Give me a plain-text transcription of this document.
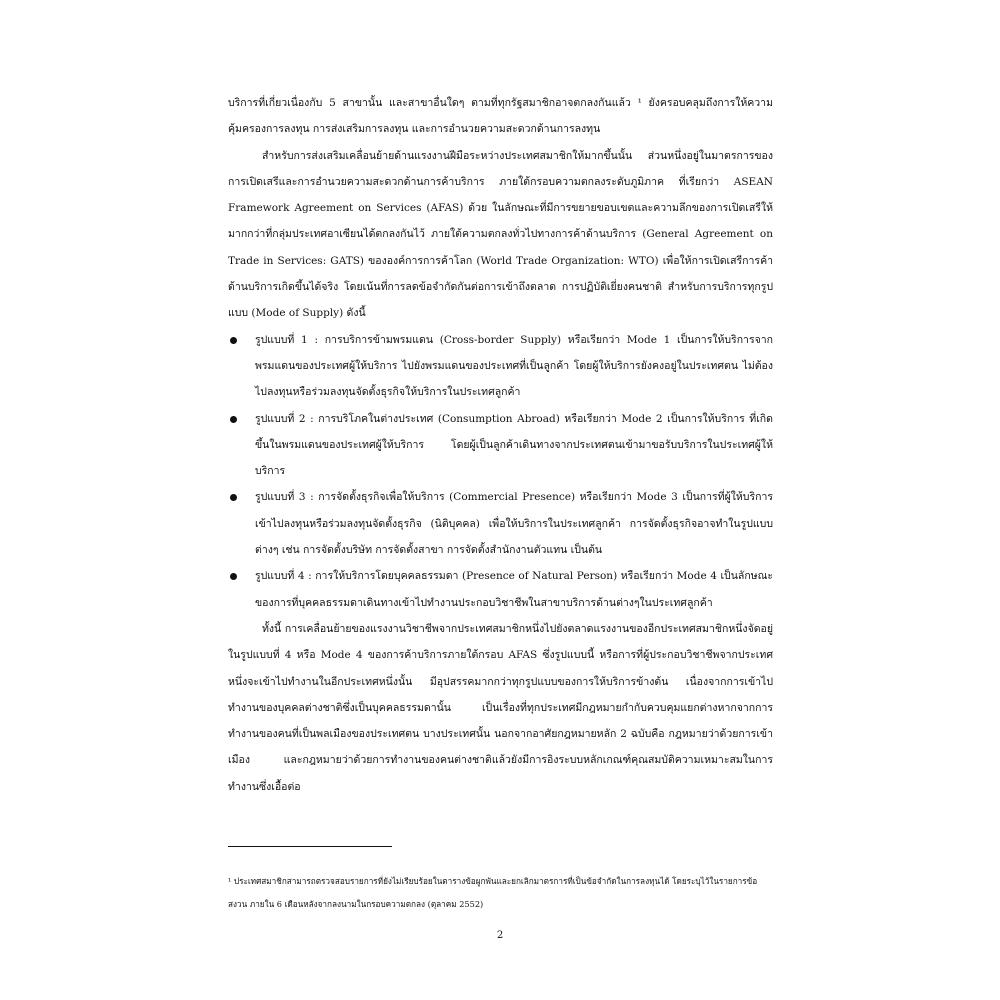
บริการที่เกี่ยวเนื่องกับ 5 สาขานั้น และสาขาอื่นใดๆ ตามที่ทุกรัฐสมาชิกอาจตกลงกันแล้ว ¹ ยังครอบคลุมถึงการให้ความคุ้มครองการลงทุน การส่งเสริมการลงทุน และการอำนวยความสะดวกด้านการลงทุน

สำหรับการส่งเสริมเคลื่อนย้ายด้านแรงงานฝีมือระหว่างประเทศสมาชิกให้มากขึ้นนั้น ส่วนหนึ่งอยู่ในมาตรการของการเปิดเสรีและการอำนวยความสะดวกด้านการค้าบริการ ภายใต้กรอบความตกลงระดับภูมิภาค ที่เรียกว่า ASEAN Framework Agreement on Services (AFAS) ด้วย ในลักษณะที่มีการขยายขอบเขตและความลึกของการเปิดเสรีให้มากกว่าที่กลุ่มประเทศอาเซียนได้ตกลงกันไว้ ภายใต้ความตกลงทั่วไปทางการค้าด้านบริการ (General Agreement on Trade in Services: GATS) ขององค์การการค้าโลก (World Trade Organization: WTO) เพื่อให้การเปิดเสรีการค้าด้านบริการเกิดขึ้นได้จริง โดยเน้นที่การลดข้อจำกัดกันต่อการเข้าถึงตลาด การปฏิบัติเยี่ยงคนชาติ สำหรับการบริการทุกรูปแบบ (Mode of Supply) ดังนี้

รูปแบบที่ 1 : การบริการข้ามพรมแดน (Cross-border Supply) หรือเรียกว่า Mode 1 เป็นการให้บริการจากพรมแดนของประเทศผู้ให้บริการ ไปยังพรมแดนของประเทศที่เป็นลูกค้า โดยผู้ให้บริการยังคงอยู่ในประเทศตน ไม่ต้องไปลงทุนหรือร่วมลงทุนจัดตั้งธุรกิจให้บริการในประเทศลูกค้า
รูปแบบที่ 2 : การบริโภคในต่างประเทศ (Consumption Abroad) หรือเรียกว่า Mode 2 เป็นการให้บริการ ที่เกิดขึ้นในพรมแดนของประเทศผู้ให้บริการ โดยผู้เป็นลูกค้าเดินทางจากประเทศตนเข้ามาขอรับบริการในประเทศผู้ให้บริการ
รูปแบบที่ 3 : การจัดตั้งธุรกิจเพื่อให้บริการ (Commercial Presence) หรือเรียกว่า Mode 3 เป็นการที่ผู้ให้บริการเข้าไปลงทุนหรือร่วมลงทุนจัดตั้งธุรกิจ (นิติบุคคล) เพื่อให้บริการในประเทศลูกค้า การจัดตั้งธุรกิจอาจทำในรูปแบบต่างๆ เช่น การจัดตั้งบริษัท การจัดตั้งสาขา การจัดตั้งสำนักงานตัวแทน เป็นต้น
รูปแบบที่ 4 : การให้บริการโดยบุคคลธรรมดา (Presence of Natural Person) หรือเรียกว่า Mode 4 เป็นลักษณะของการที่บุคคลธรรมดาเดินทางเข้าไปทำงานประกอบวิชาชีพในสาขาบริการด้านต่างๆในประเทศลูกค้า

ทั้งนี้ การเคลื่อนย้ายของแรงงานวิชาชีพจากประเทศสมาชิกหนึ่งไปยังตลาดแรงงานของอีกประเทศสมาชิกหนึ่งจัดอยู่ในรูปแบบที่ 4 หรือ Mode 4 ของการค้าบริการภายใต้กรอบ AFAS ซึ่งรูปแบบนี้ หรือการที่ผู้ประกอบวิชาชีพจากประเทศหนึ่งจะเข้าไปทำงานในอีกประเทศหนึ่งนั้น มีอุปสรรคมากกว่าทุกรูปแบบของการให้บริการข้างต้น เนื่องจากการเข้าไปทำงานของบุคคลต่างชาติซึ่งเป็นบุคคลธรรมดานั้น เป็นเรื่องที่ทุกประเทศมีกฎหมายกำกับควบคุมแยกต่างหากจากการทำงานของคนที่เป็นพลเมืองของประเทศตน บางประเทศนั้น นอกจากอาศัยกฎหมายหลัก 2 ฉบับคือ กฎหมายว่าด้วยการเข้าเมือง และกฎหมายว่าด้วยการทำงานของคนต่างชาติแล้วยังมีการอิงระบบหลักเกณฑ์คุณสมบัติความเหมาะสมในการทำงานซึ่งเอื้อต่อ

¹ ประเทศสมาชิกสามารถตรวจสอบรายการที่ยังไม่เรียบร้อยในตารางข้อผูกพันและยกเลิกมาตรการที่เป็นข้อจำกัดในการลงทุนได้ โดยระบุไว้ในรายการข้อสงวน ภายใน 6 เดือนหลังจากลงนามในกรอบความตกลง (ตุลาคม 2552)

2
